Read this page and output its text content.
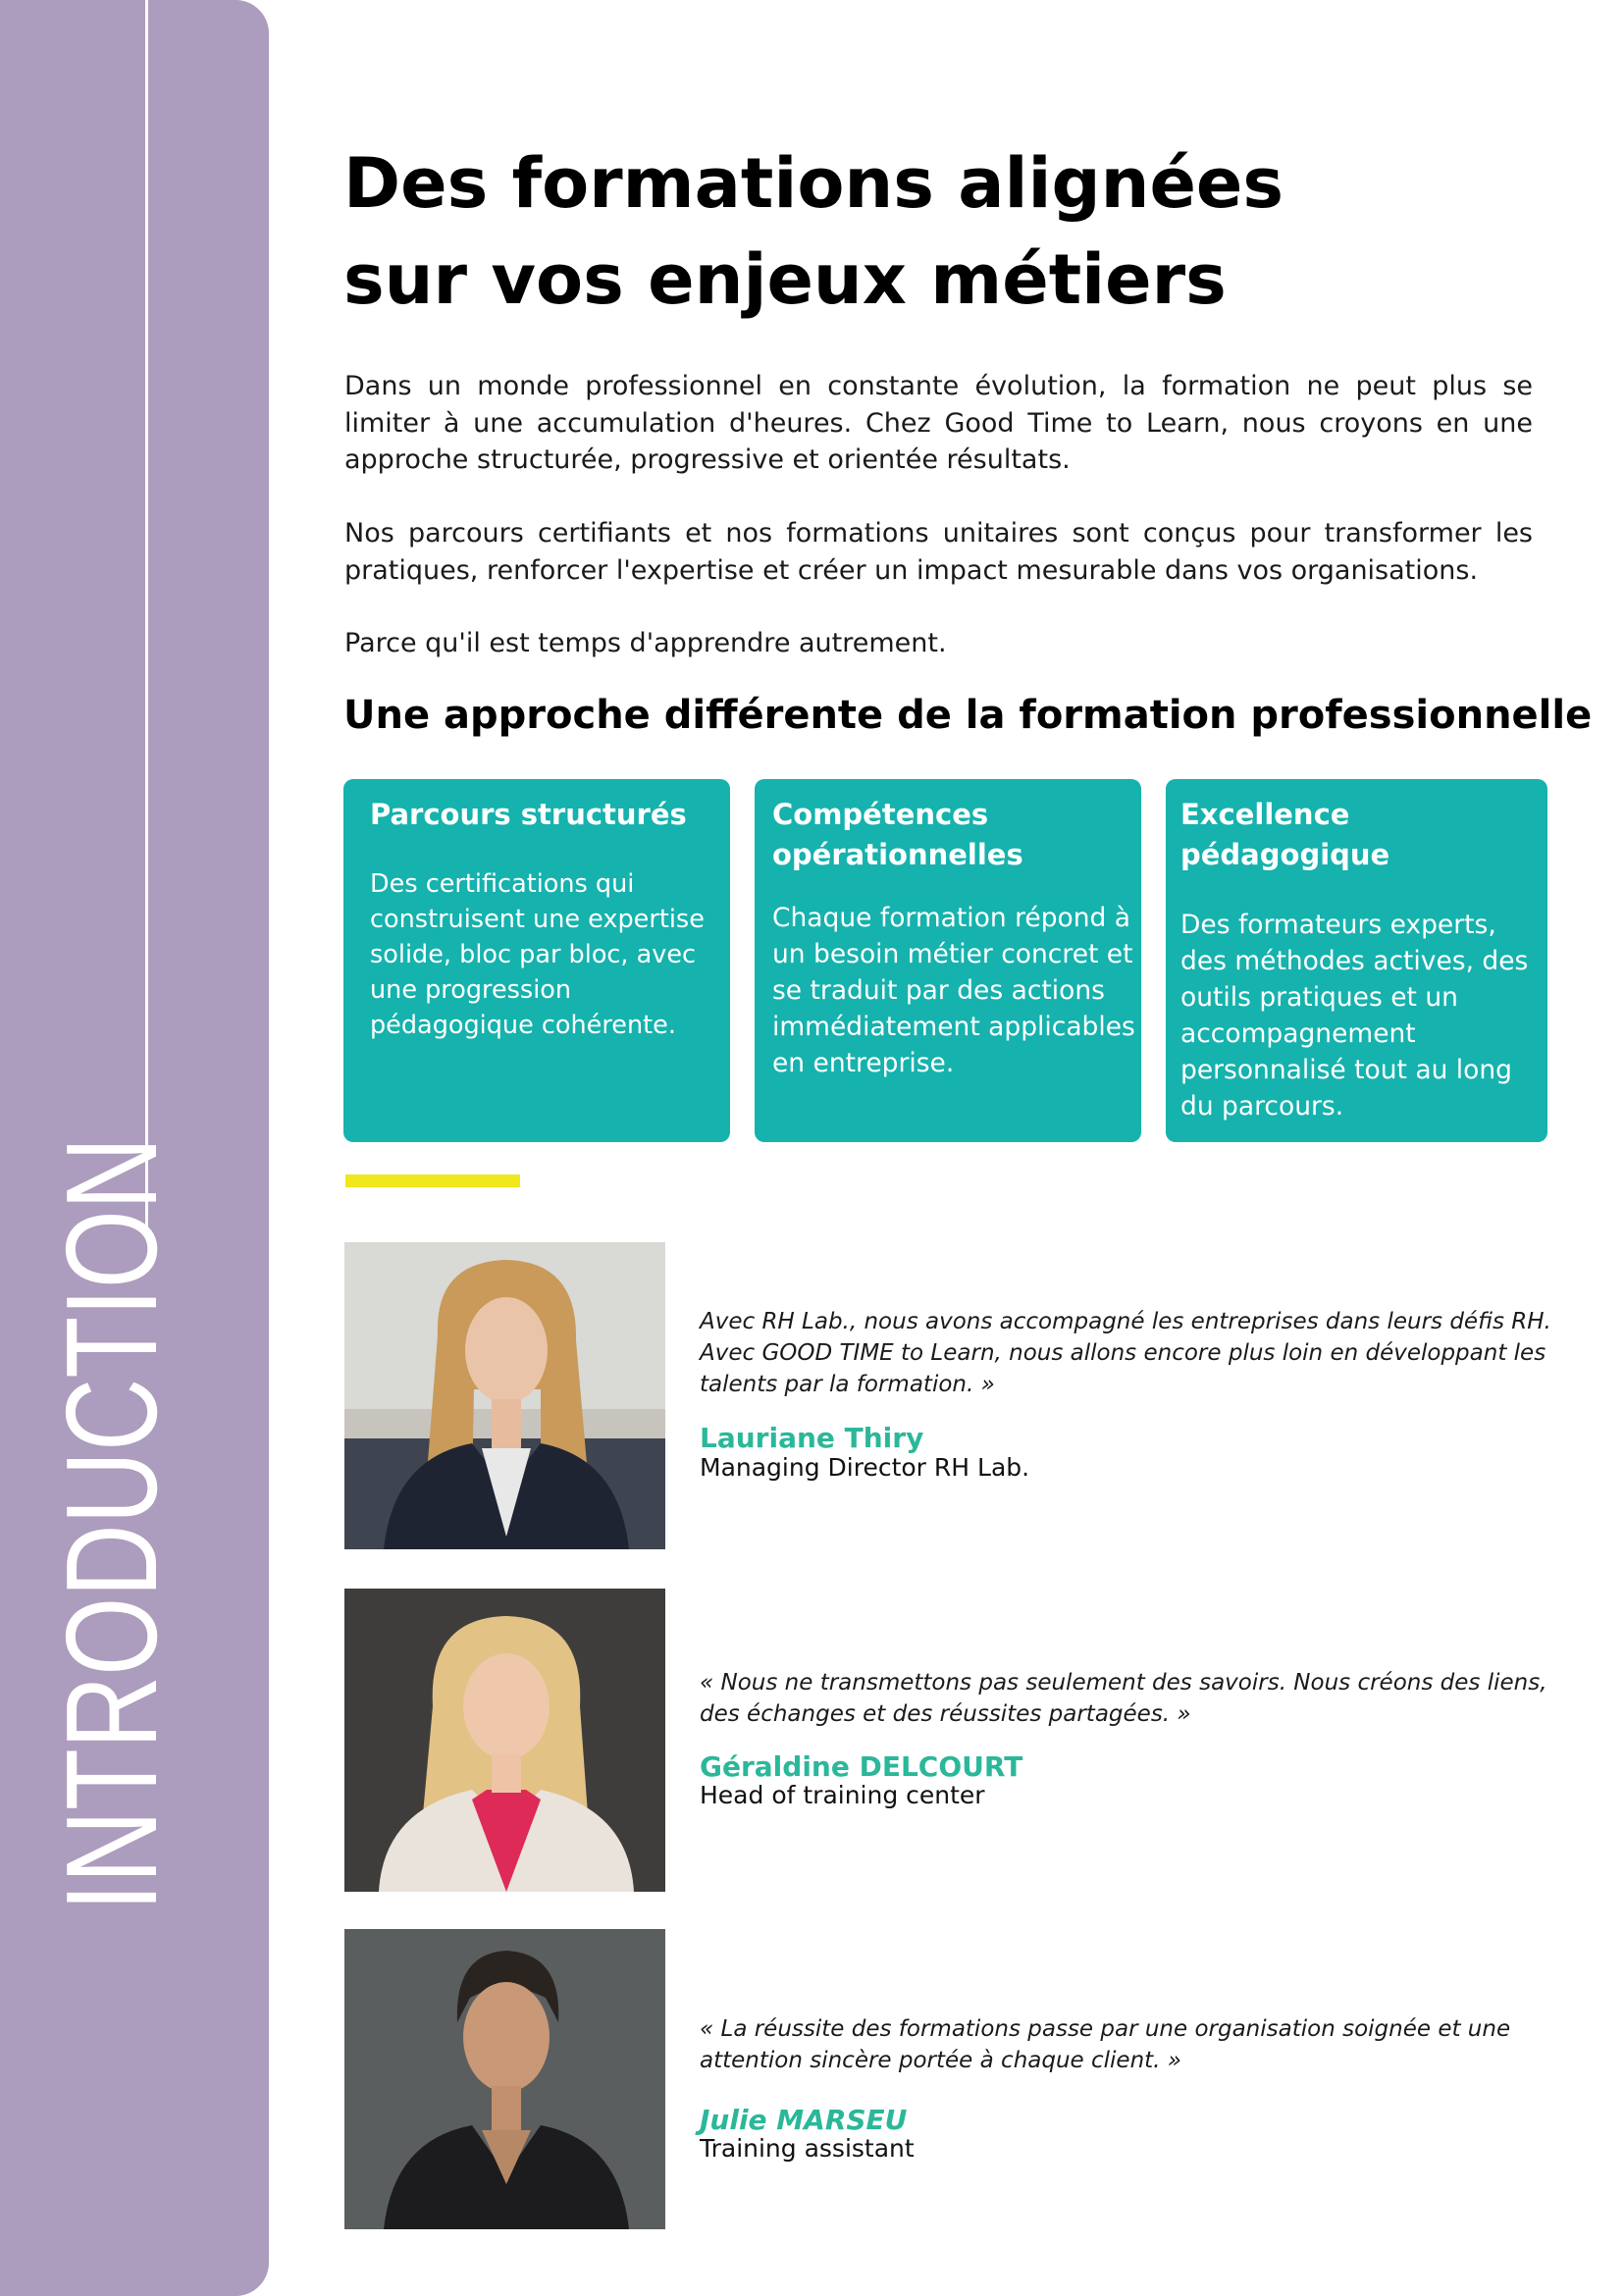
INTRODUCTION
Des formations alignées
sur vos enjeux métiers

Dans un monde professionnel en constante évolution, la formation ne peut plus se limiter à une accumulation d'heures. Chez Good Time to Learn, nous croyons en une approche structurée, progressive et orientée résultats.

Nos parcours certifiants et nos formations unitaires sont conçus pour transformer les pratiques, renforcer l'expertise et créer un impact mesurable dans vos organisations.

Parce qu'il est temps d'apprendre autrement.

Une approche différente de la formation professionnelle

Parcours structurés

Des certifications qui construisent une expertise solide, bloc par bloc, avec une progression pédagogique cohérente.

Compétences opérationnelles

Chaque formation répond à un besoin métier concret et se traduit par des actions immédiatement applicables en entreprise.

Excellence pédagogique

Des formateurs experts, des méthodes actives, des outils pratiques et un accompagnement personnalisé tout au long du parcours.

Avec RH Lab., nous avons accompagné les entreprises dans leurs défis RH. Avec GOOD TIME to Learn, nous allons encore plus loin en développant les talents par la formation. »

Lauriane Thiry

Managing Director RH Lab.

« Nous ne transmettons pas seulement des savoirs. Nous créons des liens, des échanges et des réussites partagées. »

Géraldine DELCOURT

Head of training center

« La réussite des formations passe par une organisation soignée et une attention sincère portée à chaque client. »

Julie MARSEU

Training assistant
